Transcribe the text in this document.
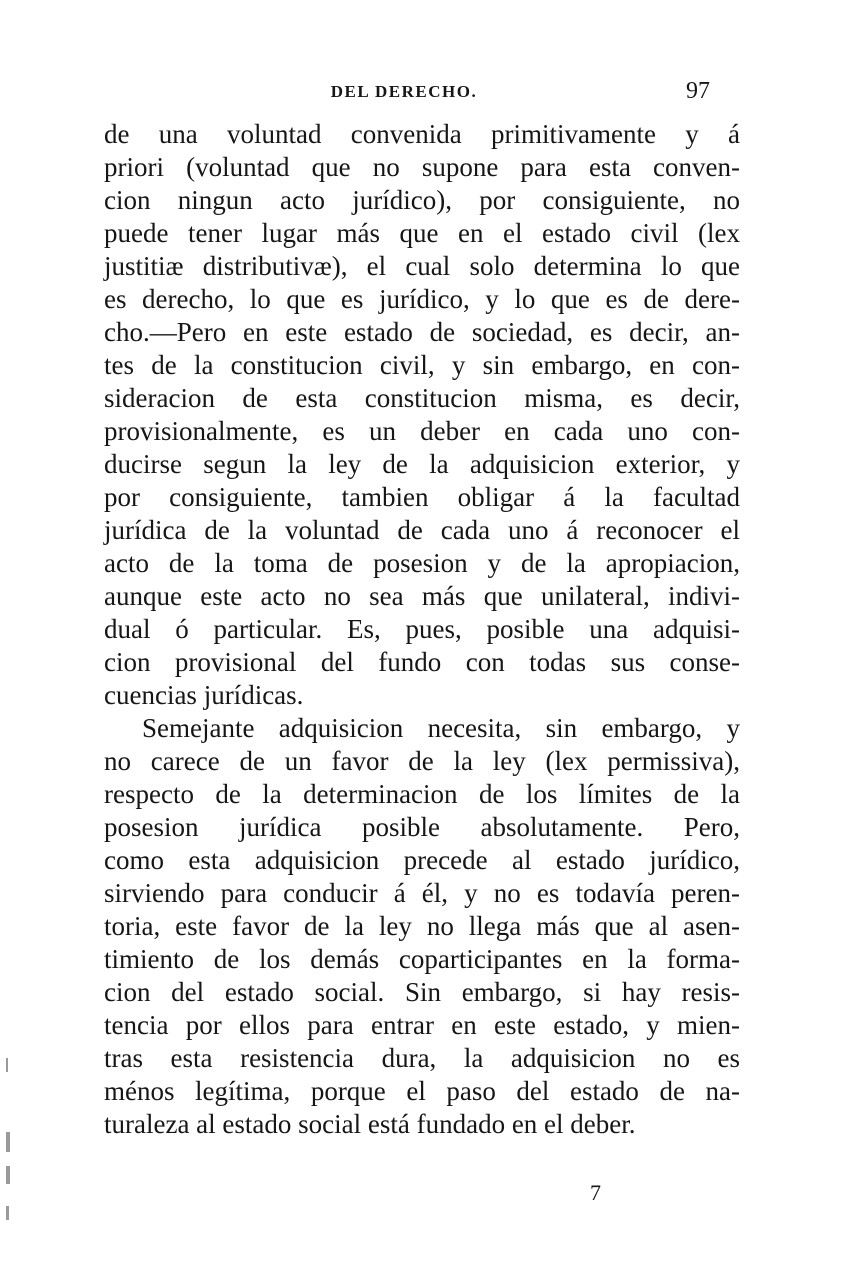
DEL DERECHO.	97
de una voluntad convenida primitivamente y á
priori (voluntad que no supone para esta conven-
cion ningun acto jurídico), por consiguiente, no
puede tener lugar más que en el estado civil (lex
justitiæ distributivæ), el cual solo determina lo que
es derecho, lo que es jurídico, y lo que es de dere-
cho.—Pero en este estado de sociedad, es decir, an-
tes de la constitucion civil, y sin embargo, en con-
sideracion de esta constitucion misma, es decir,
provisionalmente, es un deber en cada uno con-
ducirse segun la ley de la adquisicion exterior, y
por consiguiente, tambien obligar á la facultad
jurídica de la voluntad de cada uno á reconocer el
acto de la toma de posesion y de la apropiacion,
aunque este acto no sea más que unilateral, indivi-
dual ó particular. Es, pues, posible una adquisi-
cion provisional del fundo con todas sus conse-
cuencias jurídicas.
Semejante adquisicion necesita, sin embargo, y
no carece de un favor de la ley (lex permissiva),
respecto de la determinacion de los límites de la
posesion jurídica posible absolutamente. Pero,
como esta adquisicion precede al estado jurídico,
sirviendo para conducir á él, y no es todavía peren-
toria, este favor de la ley no llega más que al asen-
timiento de los demás coparticipantes en la forma-
cion del estado social. Sin embargo, si hay resis-
tencia por ellos para entrar en este estado, y mien-
tras esta resistencia dura, la adquisicion no es
ménos legítima, porque el paso del estado de na-
turaleza al estado social está fundado en el deber.
7
